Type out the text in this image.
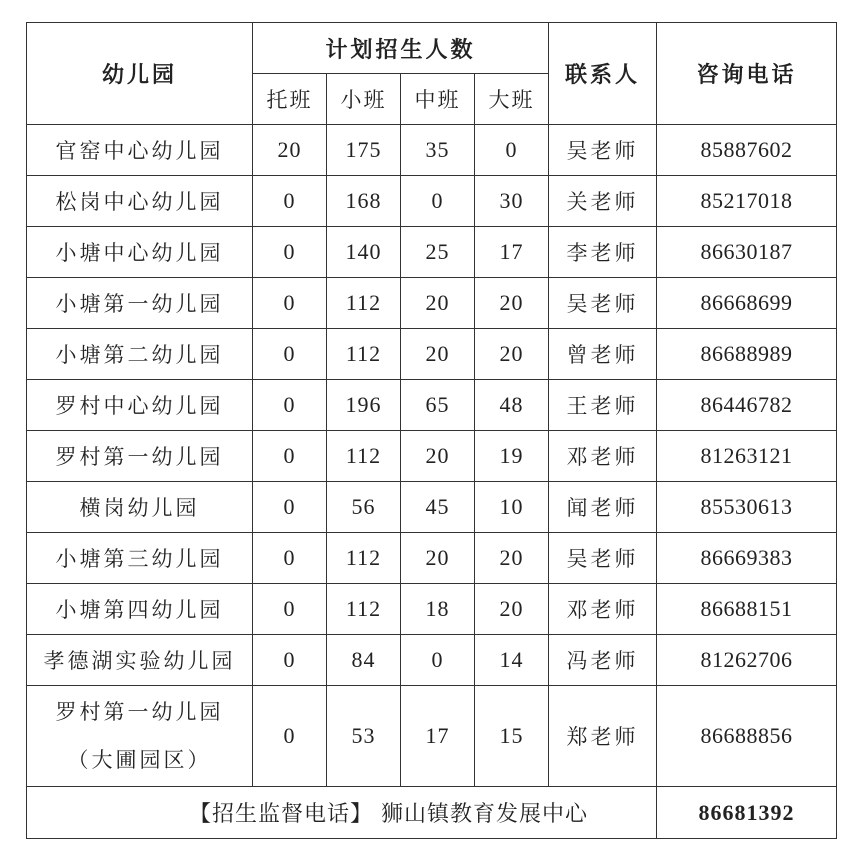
幼儿园	计划招生人数				联系人	咨询电话
	托班	小班	中班	大班		
官窑中心幼儿园	20	175	35	0	吴老师	85887602
松岗中心幼儿园	0	168	0	30	关老师	85217018
小塘中心幼儿园	0	140	25	17	李老师	86630187
小塘第一幼儿园	0	112	20	20	吴老师	86668699
小塘第二幼儿园	0	112	20	20	曾老师	86688989
罗村中心幼儿园	0	196	65	48	王老师	86446782
罗村第一幼儿园	0	112	20	19	邓老师	81263121
横岗幼儿园	0	56	45	10	闻老师	85530613
小塘第三幼儿园	0	112	20	20	吴老师	86669383
小塘第四幼儿园	0	112	18	20	邓老师	86688151
孝德湖实验幼儿园	0	84	0	14	冯老师	81262706

罗村第一幼儿园
（大圃园区）	0	53	17	15	郑老师	86688856

【招生监督电话】 狮山镇教育发展中心						86681392
